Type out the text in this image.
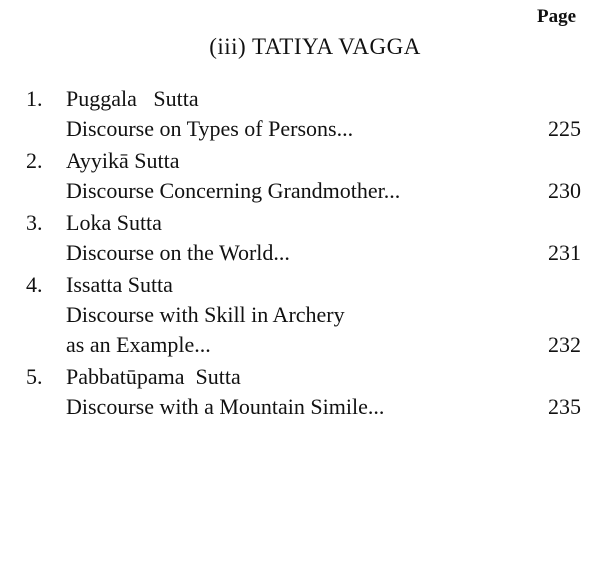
Page
(iii) TATIYA VAGGA
1. Puggala   Sutta
Discourse on Types of Persons...	225
2. Ayyikā Sutta
Discourse Concerning Grandmother...	230
3. Loka Sutta
Discourse on the World...	231
4. Issatta Sutta
Discourse with Skill in Archery
as an Example...	232
5. Pabbatūpama  Sutta
Discourse with a Mountain Simile...	235
